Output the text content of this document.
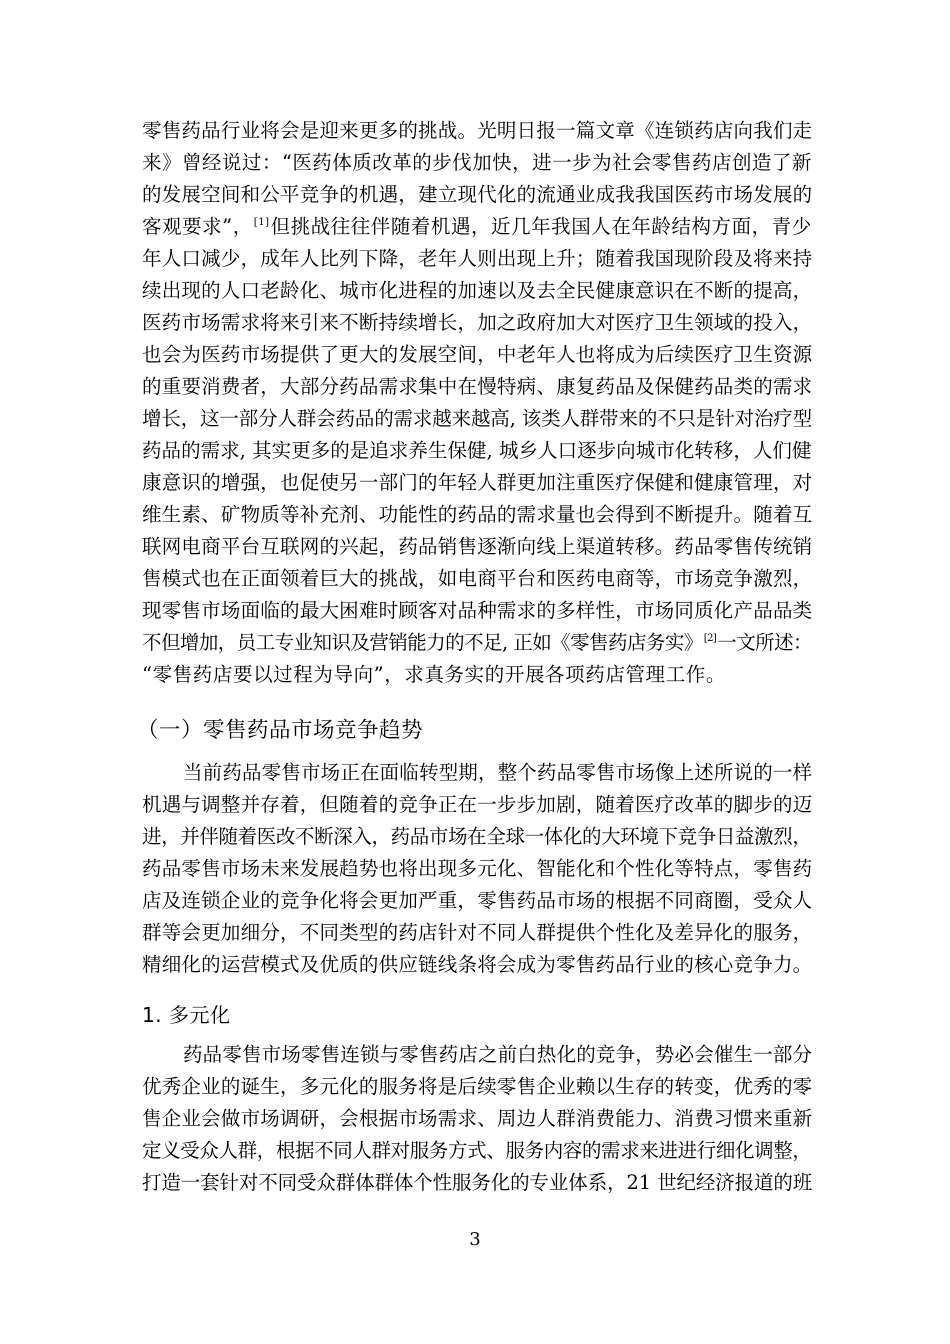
零售药品行业将会是迎来更多的挑战。光明日报一篇文章《连锁药店向我们走
来》曾经说过：“医药体质改革的步伐加快，进一步为社会零售药店创造了新
的发展空间和公平竞争的机遇，建立现代化的流通业成我我国医药市场发展的
客观要求”，[1]但挑战往往伴随着机遇，近几年我国人在年龄结构方面，青少
年人口减少，成年人比列下降，老年人则出现上升；随着我国现阶段及将来持
续出现的人口老龄化、城市化进程的加速以及去全民健康意识在不断的提高，
医药市场需求将来引来不断持续增长，加之政府加大对医疗卫生领域的投入，
也会为医药市场提供了更大的发展空间，中老年人也将成为后续医疗卫生资源
的重要消费者，大部分药品需求集中在慢特病、康复药品及保健药品类的需求
增长，这一部分人群会药品的需求越来越高, 该类人群带来的不只是针对治疗型
药品的需求, 其实更多的是追求养生保健, 城乡人口逐步向城市化转移，人们健
康意识的增强，也促使另一部门的年轻人群更加注重医疗保健和健康管理，对
维生素、矿物质等补充剂、功能性的药品的需求量也会得到不断提升。随着互
联网电商平台互联网的兴起，药品销售逐渐向线上渠道转移。药品零售传统销
售模式也在正面领着巨大的挑战，如电商平台和医药电商等，市场竞争激烈，
现零售市场面临的最大困难时顾客对品种需求的多样性，市场同质化产品品类
不但增加，员工专业知识及营销能力的不足, 正如《零售药店务实》[2]一文所述：
“零售药店要以过程为导向”，求真务实的开展各项药店管理工作。
（一）零售药品市场竞争趋势
当前药品零售市场正在面临转型期，整个药品零售市场像上述所说的一样
机遇与调整并存着，但随着的竞争正在一步步加剧，随着医疗改革的脚步的迈
进，并伴随着医改不断深入，药品市场在全球一体化的大环境下竞争日益激烈，
药品零售市场未来发展趋势也将出现多元化、智能化和个性化等特点，零售药
店及连锁企业的竞争化将会更加严重，零售药品市场的根据不同商圈，受众人
群等会更加细分，不同类型的药店针对不同人群提供个性化及差异化的服务，
精细化的运营模式及优质的供应链线条将会成为零售药品行业的核心竞争力。
1. 多元化
药品零售市场零售连锁与零售药店之前白热化的竞争，势必会催生一部分
优秀企业的诞生，多元化的服务将是后续零售企业赖以生存的转变，优秀的零
售企业会做市场调研，会根据市场需求、周边人群消费能力、消费习惯来重新
定义受众人群，根据不同人群对服务方式、服务内容的需求来进进行细化调整，
打造一套针对不同受众群体群体个性服务化的专业体系，21 世纪经济报道的班
3
